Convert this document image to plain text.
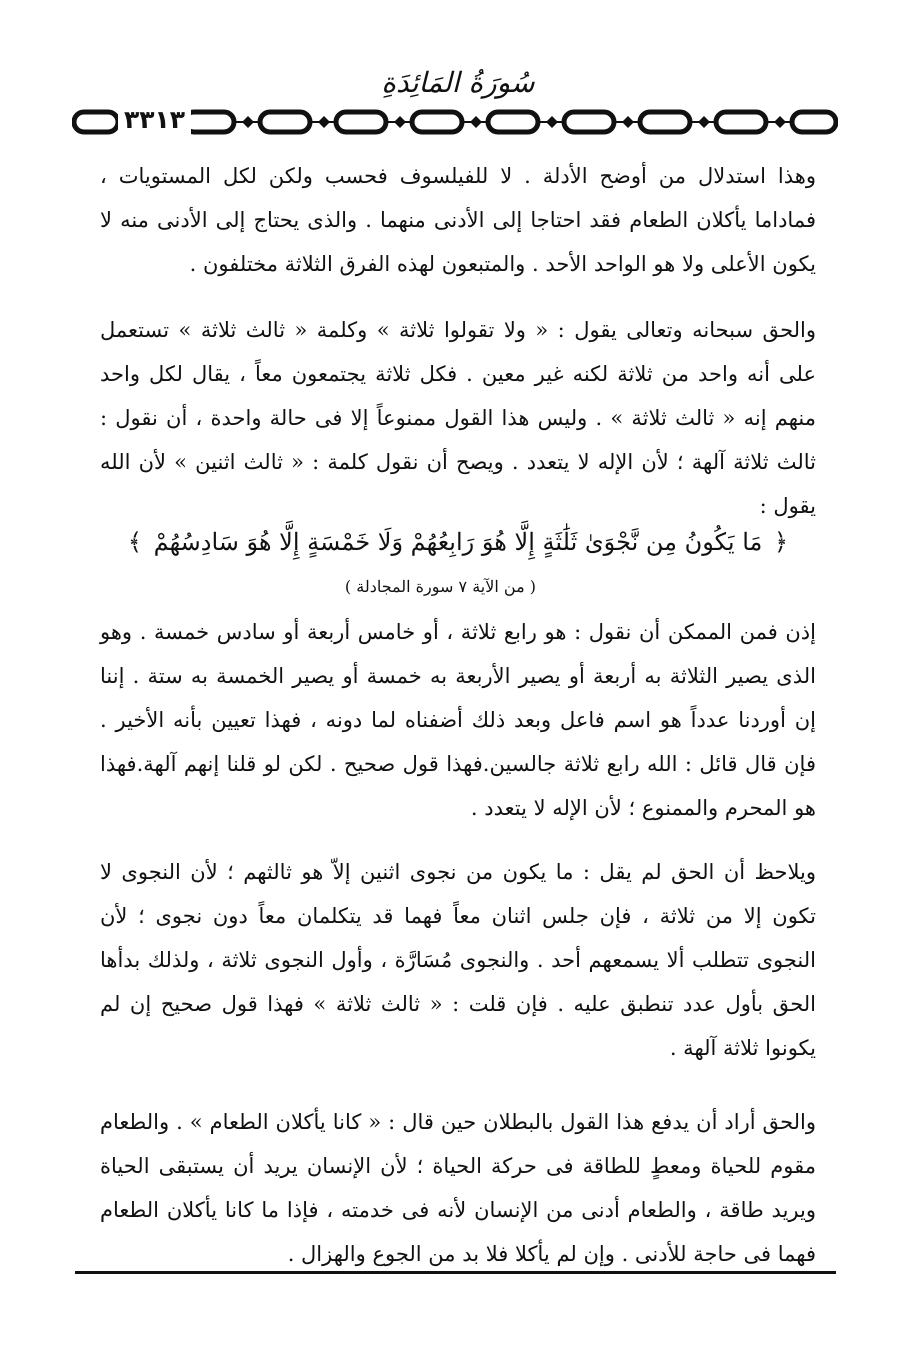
سُورَةُ المَائِدَةِ
٣٣١٣
وهذا استدلال من أوضح الأدلة . لا للفيلسوف فحسب ولكن لكل المستويات ، فماداما يأكلان الطعام فقد احتاجا إلى الأدنى منهما . والذى يحتاج إلى الأدنى منه لا يكون الأعلى ولا هو الواحد الأحد . والمتبعون لهذه الفرق الثلاثة مختلفون .
والحق سبحانه وتعالى يقول : « ولا تقولوا ثلاثة » وكلمة « ثالث ثلاثة » تستعمل على أنه واحد من ثلاثة لكنه غير معين . فكل ثلاثة يجتمعون معاً ، يقال لكل واحد منهم إنه « ثالث ثلاثة » . وليس هذا القول ممنوعاً إلا فى حالة واحدة ، أن نقول : ثالث ثلاثة آلهة ؛ لأن الإله لا يتعدد . ويصح أن نقول كلمة : « ثالث اثنين » لأن الله يقول :
﴿ مَا يَكُونُ مِن نَّجْوَىٰ ثَلَٰثَةٍ إِلَّا هُوَ رَابِعُهُمْ وَلَا خَمْسَةٍ إِلَّا هُوَ سَادِسُهُمْ ﴾
( من الآية ٧ سورة المجادلة )
إذن فمن الممكن أن نقول : هو رابع ثلاثة ، أو خامس أربعة أو سادس خمسة . وهو الذى يصير الثلاثة به أربعة أو يصير الأربعة به خمسة أو يصير الخمسة به ستة . إننا إن أوردنا عدداً هو اسم فاعل وبعد ذلك أضفناه لما دونه ، فهذا تعيين بأنه الأخير . فإن قال قائل : الله رابع ثلاثة جالسين.فهذا قول صحيح . لكن لو قلنا إنهم آلهة.فهذا هو المحرم والممنوع ؛ لأن الإله لا يتعدد .
ويلاحظ أن الحق لم يقل : ما يكون من نجوى اثنين إلاّ هو ثالثهم ؛ لأن النجوى لا تكون إلا من ثلاثة ، فإن جلس اثنان معاً فهما قد يتكلمان معاً دون نجوى ؛ لأن النجوى تتطلب ألا يسمعهم أحد . والنجوى مُسَارَّة ، وأول النجوى ثلاثة ، ولذلك بدأها الحق بأول عدد تنطبق عليه . فإن قلت : « ثالث ثلاثة » فهذا قول صحيح إن لم يكونوا ثلاثة آلهة .
والحق أراد أن يدفع هذا القول بالبطلان حين قال : « كانا يأكلان الطعام » . والطعام مقوم للحياة ومعطٍ للطاقة فى حركة الحياة ؛ لأن الإنسان يريد أن يستبقى الحياة ويريد طاقة ، والطعام أدنى من الإنسان لأنه فى خدمته ، فإذا ما كانا يأكلان الطعام فهما فى حاجة للأدنى . وإن لم يأكلا فلا بد من الجوع والهزال .
